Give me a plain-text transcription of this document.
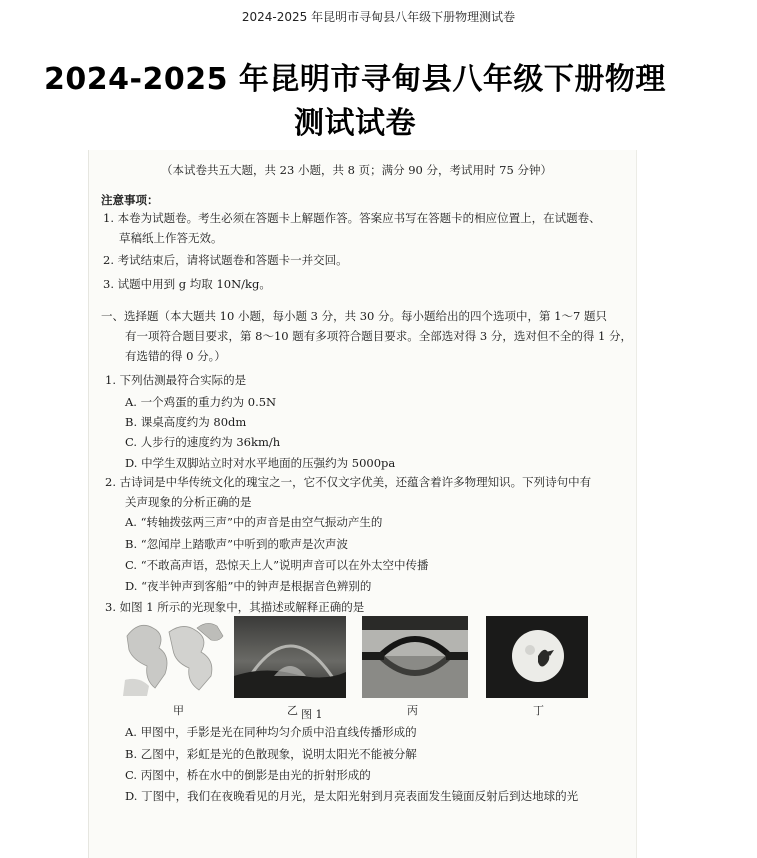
2024-2025 年昆明市寻甸县八年级下册物理测试卷
2024-2025 年昆明市寻甸县八年级下册物理
测试试卷
（本试卷共五大题，共 23 小题，共 8 页；满分 90 分，考试用时 75 分钟）
注意事项：
1. 本卷为试题卷。考生必须在答题卡上解题作答。答案应书写在答题卡的相应位置上，在试题卷、
草稿纸上作答无效。
2. 考试结束后，请将试题卷和答题卡一并交回。
3. 试题中用到 g 均取 10N/kg。
一、选择题（本大题共 10 小题，每小题 3 分，共 30 分。每小题给出的四个选项中，第 1～7 题只
有一项符合题目要求，第 8～10 题有多项符合题目要求。全部选对得 3 分，选对但不全的得 1 分，
有选错的得 0 分。）
1. 下列估测最符合实际的是
A. 一个鸡蛋的重力约为 0.5N
B. 课桌高度约为 80dm
C. 人步行的速度约为 36km/h
D. 中学生双脚站立时对水平地面的压强约为 5000pa
2. 古诗词是中华传统文化的瑰宝之一，它不仅文字优美，还蕴含着许多物理知识。下列诗句中有
关声现象的分析正确的是
A. “转轴拨弦两三声”中的声音是由空气振动产生的
B. “忽闻岸上踏歌声”中听到的歌声是次声波
C. “不敢高声语，恐惊天上人”说明声音可以在外太空中传播
D. “夜半钟声到客船”中的钟声是根据音色辨别的
3. 如图 1 所示的光现象中，其描述或解释正确的是
甲	乙	丙	丁
图 1
A. 甲图中，手影是光在同种均匀介质中沿直线传播形成的
B. 乙图中，彩虹是光的色散现象，说明太阳光不能被分解
C. 丙图中，桥在水中的倒影是由光的折射形成的
D. 丁图中，我们在夜晚看见的月光，是太阳光射到月亮表面发生镜面反射后到达地球的光
